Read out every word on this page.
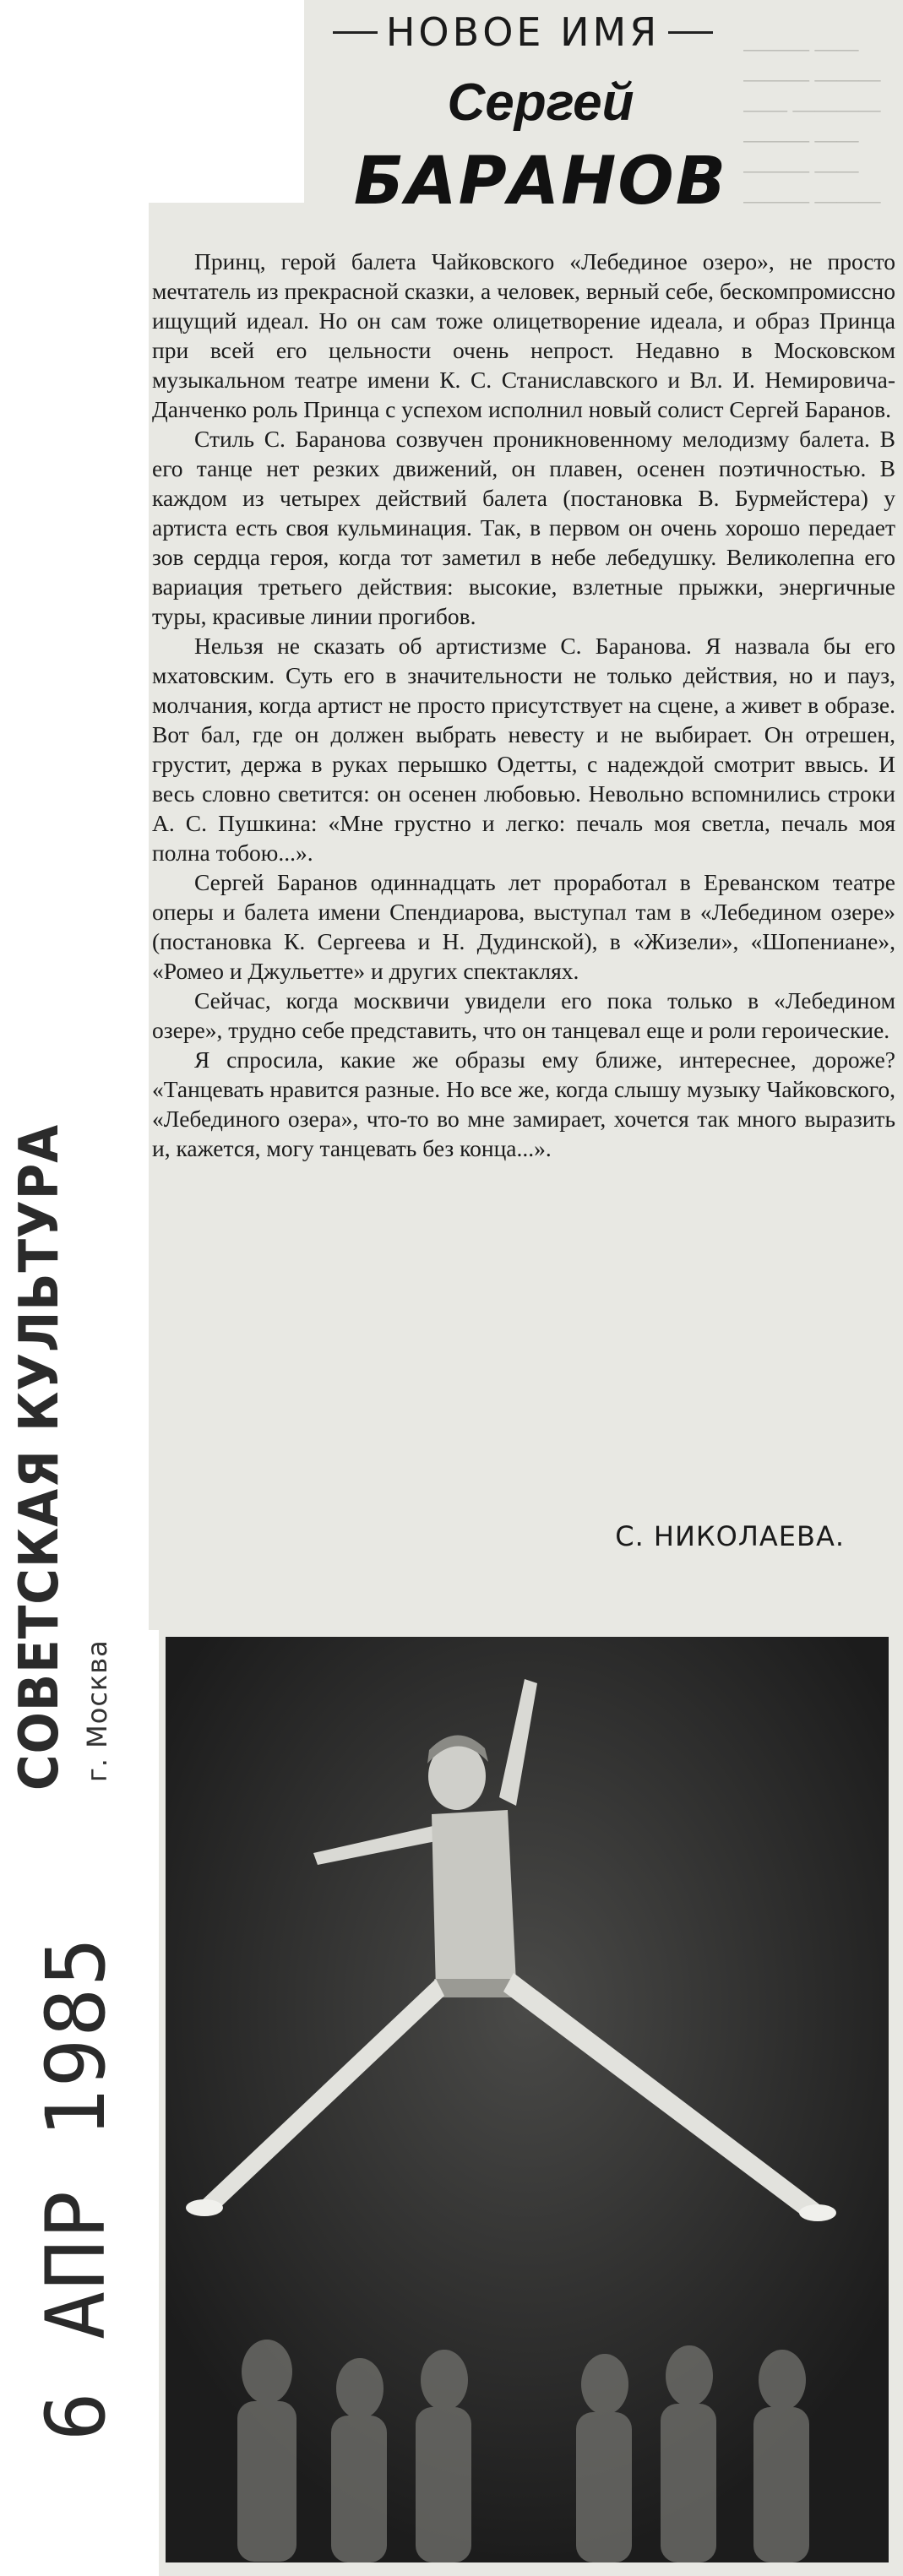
——— ——
——— ———
—— ————
——— ——
——— ——
——— ———
НОВОЕ ИМЯ
Сергей
БАРАНОВ

Принц, герой балета Чайковского «Лебединое озеро», не просто мечтатель из прекрасной сказки, а человек, верный себе, бескомпромиссно ищущий идеал. Но он сам тоже олицетворение идеала, и образ Принца при всей его цельности очень непрост. Недавно в Московском музыкальном театре имени К. С. Станиславского и Вл. И. Немировича-Данченко роль Принца с успехом исполнил новый солист Сергей Баранов.

Стиль С. Баранова созвучен проникновенному мелодизму балета. В его танце нет резких движений, он плавен, осенен поэтичностью. В каждом из четырех действий балета (постановка В. Бурмейстера) у артиста есть своя кульминация. Так, в первом он очень хорошо передает зов сердца героя, когда тот заметил в небе лебедушку. Великолепна его вариация третьего действия: высокие, взлетные прыжки, энергичные туры, красивые линии прогибов.

Нельзя не сказать об артистизме С. Баранова. Я назвала бы его мхатовским. Суть его в значительности не только действия, но и пауз, молчания, когда артист не просто присутствует на сцене, а живет в образе. Вот бал, где он должен выбрать невесту и не выбирает. Он отрешен, грустит, держа в руках перышко Одетты, с надеждой смотрит ввысь. И весь словно светится: он осенен любовью. Невольно вспомнились строки А. С. Пушкина: «Мне грустно и легко: печаль моя светла, печаль моя полна тобою...».

Сергей Баранов одиннадцать лет проработал в Ереванском театре оперы и балета имени Спендиарова, выступал там в «Лебедином озере» (постановка К. Сергеева и Н. Дудинской), в «Жизели», «Шопениане», «Ромео и Джульетте» и других спектаклях.

Сейчас, когда москвичи увидели его пока только в «Лебедином озере», трудно себе представить, что он танцевал еще и роли героические.

Я спросила, какие же образы ему ближе, интереснее, дороже? «Танцевать нравится разные. Но все же, когда слышу музыку Чайковского, «Лебединого озера», что-то во мне замирает, хочется так много выразить и, кажется, могу танцевать без конца...».

С. НИКОЛАЕВА.
6 АПР 1985
СОВЕТСКАЯ КУЛЬТУРА г. Москва
